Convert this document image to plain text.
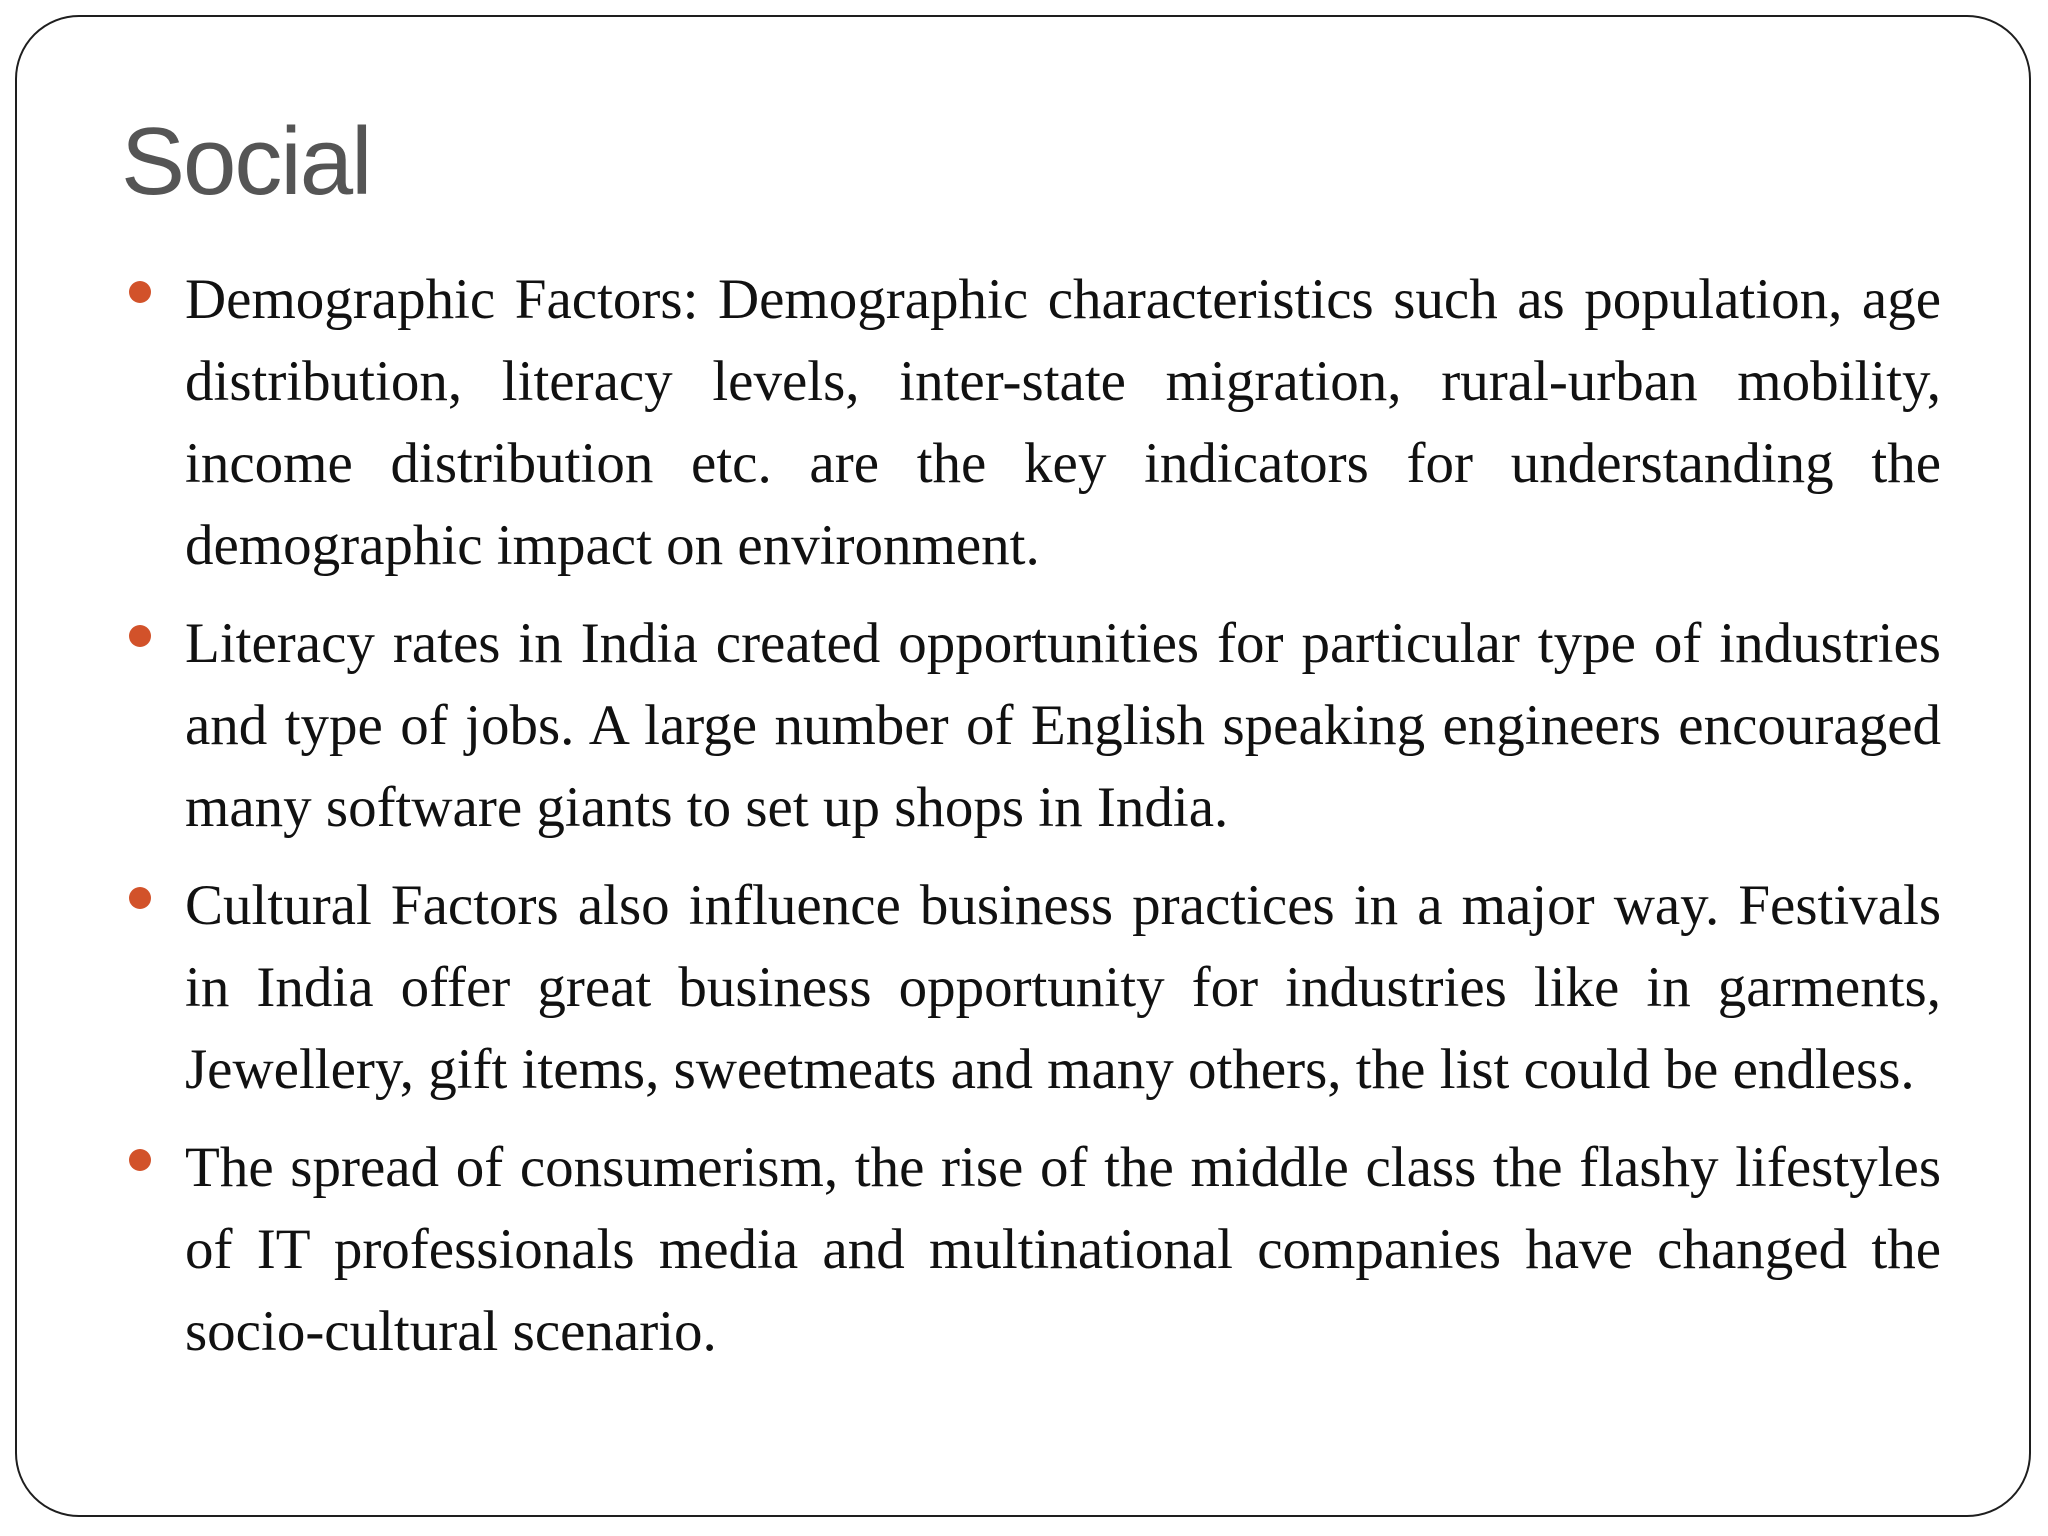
Social
Demographic Factors: Demographic characteristics such as population, age distribution, literacy levels, inter-state migration, rural-urban mobility, income distribution etc. are the key indicators for understanding the demographic impact on environment.
Literacy rates in India created opportunities for particular type of industries and type of jobs. A large number of English speaking engineers encouraged many software giants to set up shops in India.
Cultural Factors also influence business practices in a major way. Festivals in India offer great business opportunity for industries like in garments, Jewellery, gift items, sweetmeats and many others, the list could be endless.
The spread of consumerism, the rise of the middle class the flashy lifestyles of IT professionals media and multinational companies have changed the socio-cultural scenario.
